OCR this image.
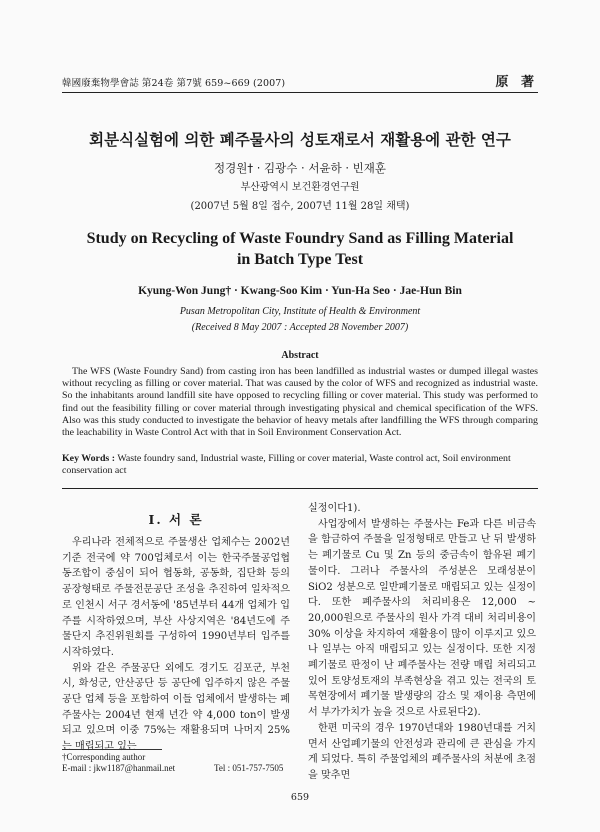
韓國廢棄物學會誌 第24卷 第7號 659~669 (2007)	原 著
회분식실험에 의한 폐주물사의 성토재로서 재활용에 관한 연구
정경원† · 김광수 · 서윤하 · 빈재훈
부산광역시 보건환경연구원
(2007년 5월 8일 접수, 2007년 11월 28일 채택)
Study on Recycling of Waste Foundry Sand as Filling Material
in Batch Type Test
Kyung-Won Jung† · Kwang-Soo Kim · Yun-Ha Seo · Jae-Hun Bin
Pusan Metropolitan City, Institute of Health & Environment
(Received 8 May 2007 : Accepted 28 November 2007)
Abstract
The WFS (Waste Foundry Sand) from casting iron has been landfilled as industrial wastes or dumped illegal wastes without recycling as filling or cover material. That was caused by the color of WFS and recognized as industrial waste. So the inhabitants around landfill site have opposed to recycling filling or cover material. This study was performed to find out the feasibility filling or cover material through investigating physical and chemical specification of the WFS. Also was this study conducted to investigate the behavior of heavy metals after landfilling the WFS through comparing the leachability in Waste Control Act with that in Soil Environment Conservation Act.
Key Words : Waste foundry sand, Industrial waste, Filling or cover material, Waste control act, Soil environment conservation act
I. 서 론

우리나라 전체적으로 주물생산 업체수는 2002년 기준 전국에 약 700업체로서 이는 한국주물공업협동조합이 중심이 되어 협동화, 공동화, 집단화 등의 공장형태로 주물전문공단 조성을 추진하여 일차적으로 인천시 서구 경서동에 '85년부터 44개 업체가 입주를 시작하였으며, 부산 사상지역은 '84년도에 주물단지 추진위원회를 구성하여 1990년부터 입주를 시작하였다.

위와 같은 주물공단 외에도 경기도 김포군, 부천시, 화성군, 안산공단 등 공단에 입주하지 않은 주물공단 업체 등을 포함하여 이들 업체에서 발생하는 폐주물사는 2004년 현재 년간 약 4,000 ton이 발생되고 있으며 이중 75%는 재활용되며 나머지 25%는 매립되고 있는

실정이다1).

사업장에서 발생하는 주물사는 Fe과 다른 비금속을 함금하여 주물을 일정형태로 만들고 난 뒤 발생하는 폐기물로 Cu 및 Zn 등의 중금속이 함유된 폐기물이다. 그러나 주물사의 주성분은 모래성분이 SiO2 성분으로 일반폐기물로 매립되고 있는 실정이다. 또한 폐주물사의 처리비용은 12,000 ~ 20,000원으로 주물사의 원사 가격 대비 처리비용이 30% 이상을 차지하여 재활용이 많이 이루지고 있으나 일부는 아직 매립되고 있는 실정이다. 또한 지정폐기물로 판정이 난 폐주물사는 전량 매립 처리되고 있어 토양성토재의 부족현상을 겪고 있는 전국의 토목현장에서 폐기물 발생량의 감소 및 재이용 측면에서 부가가치가 높을 것으로 사료된다2).

한편 미국의 경우 1970년대와 1980년대를 거치면서 산업폐기물의 안전성과 관리에 큰 관심을 가지게 되었다. 특히 주물업체의 폐주물사의 처분에 초점을 맞추면

†Corresponding author
E-mail : jkw1187@hanmail.net	Tel : 051-757-7505
659
